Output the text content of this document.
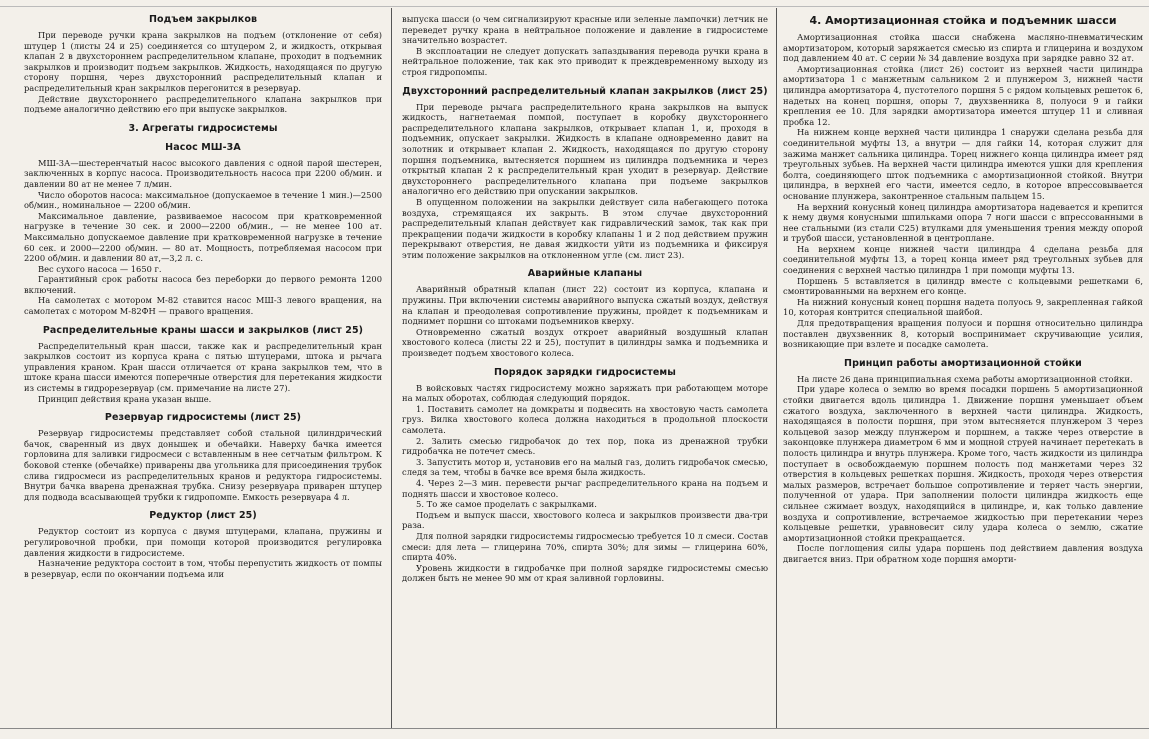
Подъем закрылков

При переводе ручки крана закрылков на подъем (отклонение от себя) штуцер 1 (листы 24 и 25) соединяется со штуцером 2, и жидкость, открывая клапан 2 в двухстороннем распределительном клапане, проходит в подъемник закрылков и производит подъем закрылков. Жидкость, находящаяся по другую сторону поршня, через двухсторонний распределительный клапан и распределительный кран закрылков перегонится в резервуар.

Действие двухстороннего распределительного клапана закрылков при подъеме аналогично действию его при выпуске закрылков.

3. Агрегаты гидросистемы
Насос МШ-3А

МШ-3А—шестеренчатый насос высокого давления с одной парой шестерен, заключенных в корпус насоса. Производительность насоса при 2200 об/мин. и давлении 80 ат не менее 7 л/мин.

Число оборотов насоса: максимальное (допускаемое в течение 1 мин.)—2500 об/мин., номинальное — 2200 об/мин.

Максимальное давление, развиваемое насосом при кратковременной нагрузке в течение 30 сек. и 2000—2200 об/мин., — не менее 100 ат. Максимально допускаемое давление при кратковременной нагрузке в течение 60 сек. и 2000—2200 об/мин. — 80 ат. Мощность, потребляемая насосом при 2200 об/мин. и давлении 80 ат,—3,2 л. с.

Вес сухого насоса — 1650 г.

Гарантийный срок работы насоса без переборки до первого ремонта 1200 включений.

На самолетах с мотором М-82 ставится насос МШ-3 левого вращения, на самолетах с мотором М-82ФН — правого вращения.

Распределительные краны шасси и закрылков (лист 25)

Распределительный кран шасси, также как и распределительный кран закрылков состоит из корпуса крана с пятью штуцерами, штока и рычага управления краном. Кран шасси отличается от крана закрылков тем, что в штоке крана шасси имеются поперечные отверстия для перетекания жидкости из системы в гидрорезервуар (см. примечание на листе 27).

Принцип действия крана указан выше.

Резервуар гидросистемы (лист 25)

Резервуар гидросистемы представляет собой стальной цилиндрический бачок, сваренный из двух донышек и обечайки. Наверху бачка имеется горловина для заливки гидросмеси с вставленным в нее сетчатым фильтром. К боковой стенке (обечайке) приварены два угольника для присоединения трубок слива гидросмеси из распределительных кранов и редуктора гидросистемы. Внутри бачка вварена дренажная трубка. Снизу резервуара приварен штуцер для подвода всасывающей трубки к гидропомпе. Емкость резервуара 4 л.

Редуктор (лист 25)

Редуктор состоит из корпуса с двумя штуцерами, клапана, пружины и регулировочной пробки, при помощи которой производится регулировка давления жидкости в гидросистеме.

Назначение редуктора состоит в том, чтобы перепустить жидкость от помпы в резервуар, если по окончании подъема или

выпуска шасси (о чем сигнализируют красные или зеленые лампочки) летчик не переведет ручку крана в нейтральное положение и давление в гидросистеме значительно возрастет.

В эксплоатации не следует допускать запаздывания перевода ручки крана в нейтральное положение, так как это приводит к преждевременному выходу из строя гидропомпы.

Двухсторонний распределительный клапан закрылков (лист 25)

При переводе рычага распределительного крана закрылков на выпуск жидкость, нагнетаемая помпой, поступает в коробку двухстороннего распределительного клапана закрылков, открывает клапан 1, и, проходя в подъемник, опускает закрылки. Жидкость в клапане одновременно давит на золотник и открывает клапан 2. Жидкость, находящаяся по другую сторону поршня подъемника, вытесняется поршнем из цилиндра подъемника и через открытый клапан 2 к распределительный кран уходит в резервуар. Действие двухстороннего распределительного клапана при подъеме закрылков аналогично его действию при опускании закрылков.

В опущенном положении на закрылки действует сила набегающего потока воздуха, стремящаяся их закрыть. В этом случае двухсторонний распределительный клапан действует как гидравлический замок, так как при прекращении подачи жидкости в коробку клапаны 1 и 2 под действием пружин перекрывают отверстия, не давая жидкости уйти из подъемника и фиксируя этим положение закрылков на отклоненном угле (см. лист 23).

Аварийные клапаны

Аварийный обратный клапан (лист 22) состоит из корпуса, клапана и пружины. При включении системы аварийного выпуска сжатый воздух, действуя на клапан и преодолевая сопротивление пружины, пройдет к подъемникам и поднимет поршни со штоками подъемников кверху.

Отновременно сжатый воздух откроет аварийный воздушный клапан хвостового колеса (листы 22 и 25), поступит в цилиндры замка и подъемника и произведет подъем хвостового колеса.

Порядок зарядки гидросистемы

В войсковых частях гидросистему можно заряжать при работающем моторе на малых оборотах, соблюдая следующий порядок.

1. Поставить самолет на домкраты и подвесить на хвостовую часть самолета груз. Вилка хвостового колеса должна находиться в продольной плоскости самолета.

2. Залить смесью гидробачок до тех пор, пока из дренажной трубки гидробачка не потечет смесь.

3. Запустить мотор и, установив его на малый газ, долить гидробачок смесью, следя за тем, чтобы в бачке все время была жидкость.

4. Через 2—3 мин. перевести рычаг распределительного крана на подъем и поднять шасси и хвостовое колесо.

5. То же самое проделать с закрылками.

Подъем и выпуск шасси, хвостового колеса и закрылков произвести два-три раза.

Для полной зарядки гидросистемы гидросмесью требуется 10 л смеси. Состав смеси: для лета — глицерина 70%, спирта 30%; для зимы — глицерина 60%, спирта 40%.

Уровень жидкости в гидробачке при полной зарядке гидросистемы смесью должен быть не менее 90 мм от края заливной горловины.

4. Амортизационная стойка и подъемник шасси

Амортизационная стойка шасси снабжена масляно-пневматическим амортизатором, который заряжается смесью из спирта и глицерина и воздухом под давлением 40 ат. С серии № 34 давление воздуха при зарядке равно 32 ат.

Амортизационная стойка (лист 26) состоит из верхней части цилиндра амортизатора 1 с манжетным сальником 2 и плунжером 3, нижней части цилиндра амортизатора 4, пустотелого поршня 5 с рядом кольцевых решеток 6, надетых на конец поршня, опоры 7, двухзвенника 8, полуоси 9 и гайки крепления ее 10. Для зарядки амортизатора имеется штуцер 11 и сливная пробка 12.

На нижнем конце верхней части цилиндра 1 снаружи сделана резьба для соединительной муфты 13, а внутри — для гайки 14, которая служит для зажима манжет сальника цилиндра. Торец нижнего конца цилиндра имеет ряд треугольных зубьев. На верхней части цилиндра имеются ушки для крепления болта, соединяющего шток подъемника с амортизационной стойкой. Внутри цилиндра, в верхней его части, имеется седло, в которое впрессовывается основание плунжера, законтренное стальным пальцем 15.

На верхний конусный конец цилиндра амортизатора надевается и крепится к нему двумя конусными шпильками опора 7 ноги шасси с впрессованными в нее стальными (из стали С25) втулками для уменьшения трения между опорой и трубой шасси, установленной в центроплане.

На верхнем конце нижней части цилиндра 4 сделана резьба для соединительной муфты 13, а торец конца имеет ряд треугольных зубьев для соединения с верхней частью цилиндра 1 при помощи муфты 13.

Поршень 5 вставляется в цилиндр вместе с кольцевыми решетками 6, смонтированными на верхнем его конце.

На нижний конусный конец поршня надета полуось 9, закрепленная гайкой 10, которая контрится специальной шайбой.

Для предотвращения вращения полуоси и поршня относительно цилиндра поставлен двухзвенник 8, который воспринимает скручивающие усилия, возникающие при взлете и посадке самолета.

Принцип работы амортизационной стойки

На листе 26 дана принципиальная схема работы амортизационной стойки.

При ударе колеса о землю во время посадки поршень 5 амортизационной стойки двигается вдоль цилиндра 1. Движение поршня уменьшает объем сжатого воздуха, заключенного в верхней части цилиндра. Жидкость, находящаяся в полости поршня, при этом вытесняется плунжером 3 через кольцевой зазор между плунжером и поршнем, а также через отверстие в законцовке плунжера диаметром 6 мм и мощной струей начинает перетекать в полость цилиндра и внутрь плунжера. Кроме того, часть жидкости из цилиндра поступает в освобождаемую поршнем полость под манжетами через 32 отверстия в кольцевых решетках поршня. Жидкость, проходя через отверстия малых размеров, встречает большое сопротивление и теряет часть энергии, полученной от удара. При заполнении полости цилиндра жидкость еще сильнее сжимает воздух, находящийся в цилиндре, и, как только давление воздуха и сопротивление, встречаемое жидкостью при перетекании через кольцевые решетки, уравновесит силу удара колеса о землю, сжатие амортизационной стойки прекращается.

После поглощения силы удара поршень под действием давления воздуха двигается вниз. При обратном ходе поршня аморти-
